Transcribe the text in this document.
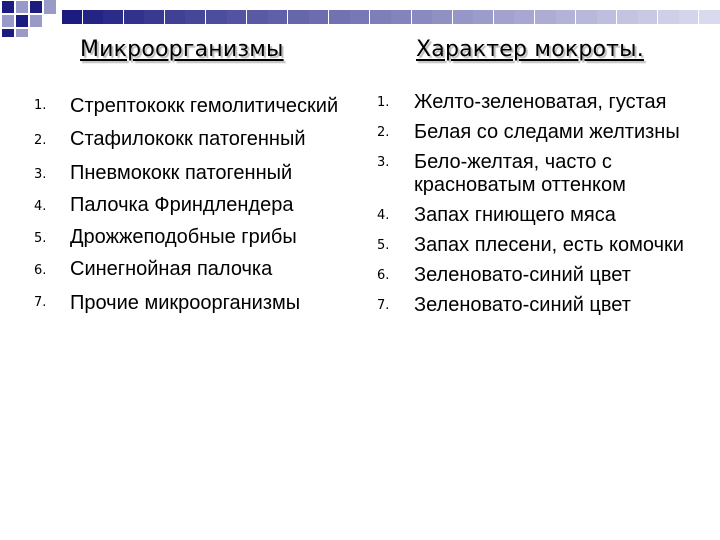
Микроорганизмы	Характер мокроты.
1.	Стрептококк гемолитический
2.	Стафилококк патогенный
3.	Пневмококк патогенный
4.	Палочка Фриндлендера
5.	Дрожжеподобные грибы
6.	Синегнойная палочка
7.	Прочие микроорганизмы
1.	Желто-зеленоватая, густая
2.	Белая со следами желтизны
3.	Бело-желтая, часто с красноватым оттенком
4.	Запах гниющего мяса
5.	Запах плесени, есть комочки
6.	Зеленовато-синий цвет
7.	Зеленовато-синий цвет
